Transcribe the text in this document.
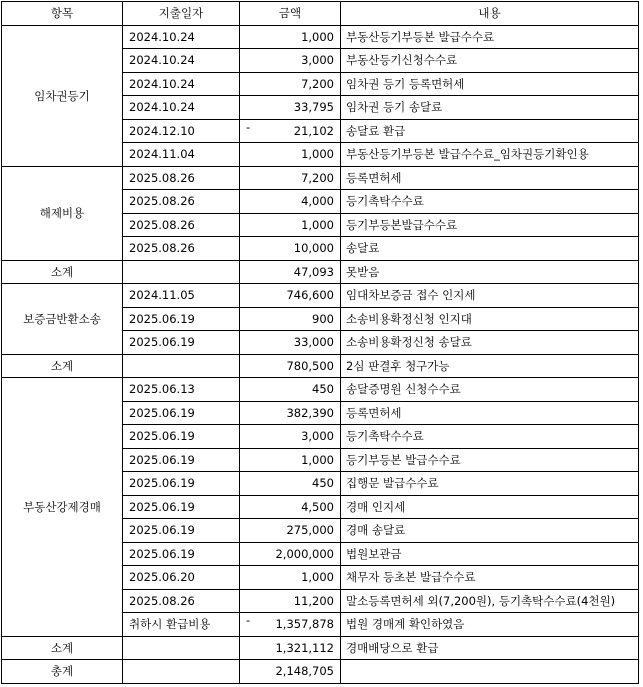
항목	지출일자	금액	내용
임차권등기	2024.10.24	1,000	부동산등기부등본 발급수수료
	2024.10.24	3,000	부동산등기신청수수료
	2024.10.24	7,200	임차권 등기 등록면허세
	2024.10.24	33,795	임차권 등기 송달료
	2024.12.10	- 21,102	송달료 환급
	2024.11.04	1,000	부동산등기부등본 발급수수료_임차권등기확인용
해제비용	2025.08.26	7,200	등록면허세
	2025.08.26	4,000	등기촉탁수수료
	2025.08.26	1,000	등기부등본발급수수료
	2025.08.26	10,000	송달료
소계		47,093	못받음
보증금반환소송	2024.11.05	746,600	임대차보증금 접수 인지세
	2025.06.19	900	소송비용확정신청 인지대
	2025.06.19	33,000	소송비용확정신청 송달료
소계		780,500	2심 판결후 청구가능
부동산강제경매	2025.06.13	450	송달증명원 신청수수료
	2025.06.19	382,390	등록면허세
	2025.06.19	3,000	등기촉탁수수료
	2025.06.19	1,000	등기부등본 발급수수료
	2025.06.19	450	집행문 발급수수료
	2025.06.19	4,500	경매 인지세
	2025.06.19	275,000	경매 송달료
	2025.06.19	2,000,000	법원보관금
	2025.06.20	1,000	채무자 등초본 발급수수료
	2025.08.26	11,200	말소등록면허세 외(7,200원), 등기촉탁수수료(4천원)
	취하시 환급비용	- 1,357,878	법원 경매계 확인하였음
소계		1,321,112	경매배당으로 환급
총계		2,148,705	
